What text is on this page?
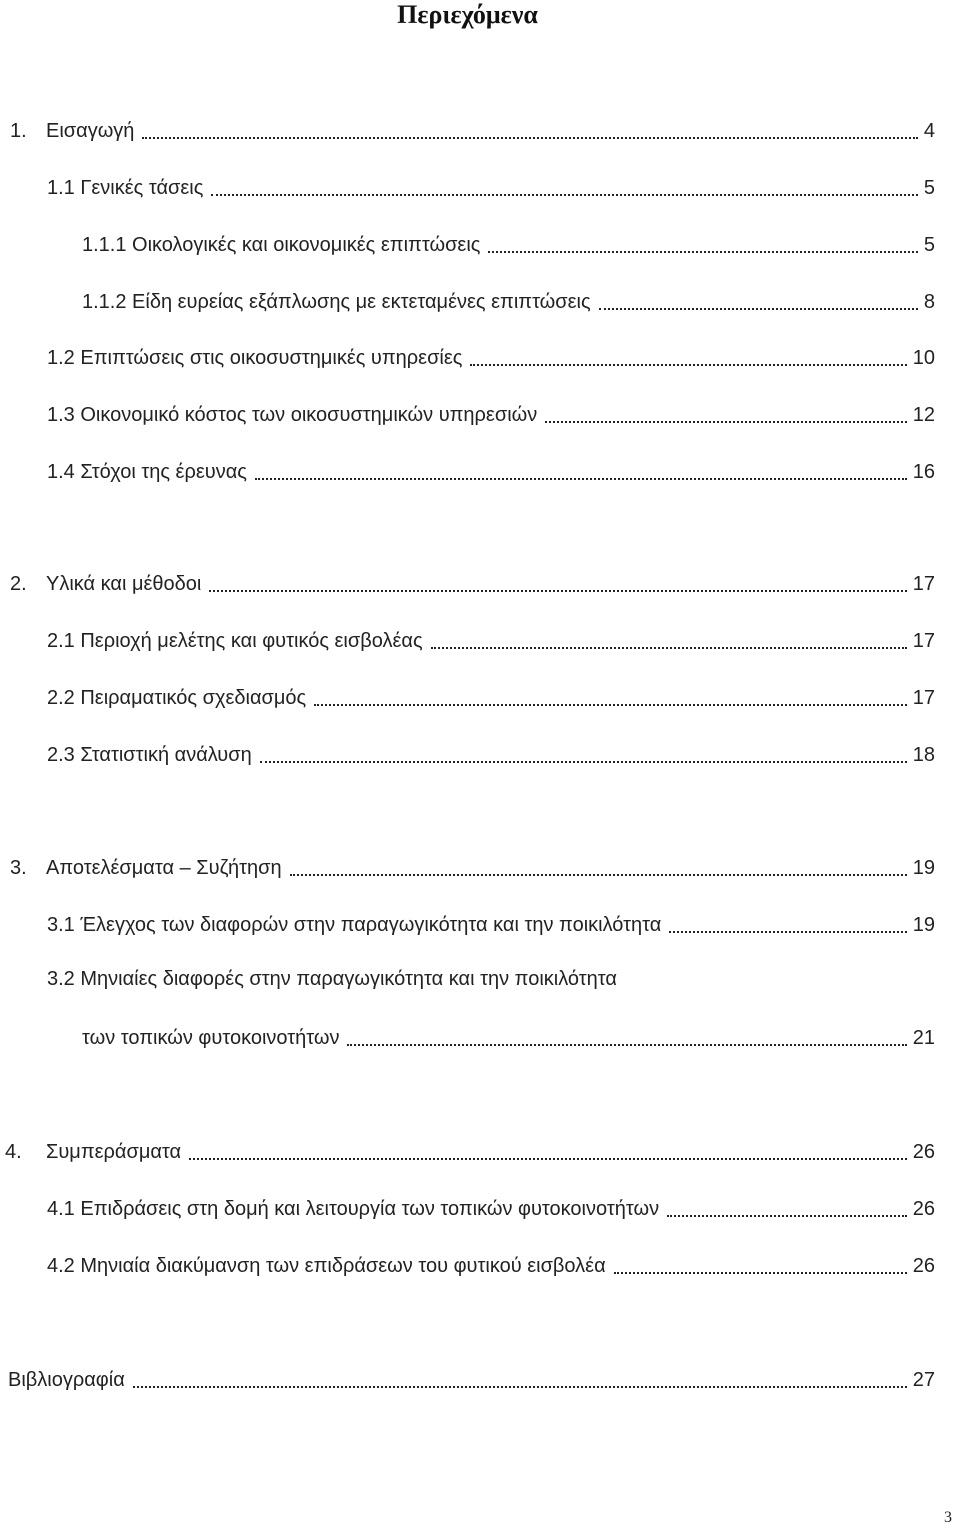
Περιεχόμενα
1. Εισαγωγή	4
1.1 Γενικές τάσεις	5
1.1.1 Οικολογικές και οικονομικές επιπτώσεις	5
1.1.2 Είδη ευρείας εξάπλωσης με εκτεταμένες επιπτώσεις	8
1.2 Επιπτώσεις στις οικοσυστημικές υπηρεσίες	10
1.3 Οικονομικό κόστος των οικοσυστημικών υπηρεσιών	12
1.4 Στόχοι της έρευνας	16
2. Υλικά και μέθοδοι	17
2.1 Περιοχή μελέτης και φυτικός εισβολέας	17
2.2 Πειραματικός σχεδιασμός	17
2.3 Στατιστική ανάλυση	18
3. Αποτελέσματα – Συζήτηση	19
3.1 Έλεγχος των διαφορών στην παραγωγικότητα και την ποικιλότητα	19
3.2 Μηνιαίες διαφορές στην παραγωγικότητα και την ποικιλότητα
των τοπικών φυτοκοινοτήτων	21
4.	Συμπεράσματα	26
4.1 Επιδράσεις στη δομή και λειτουργία των τοπικών φυτοκοινοτήτων	26
4.2 Μηνιαία διακύμανση των επιδράσεων του φυτικού εισβολέα	26
Βιβλιογραφία	27
3
